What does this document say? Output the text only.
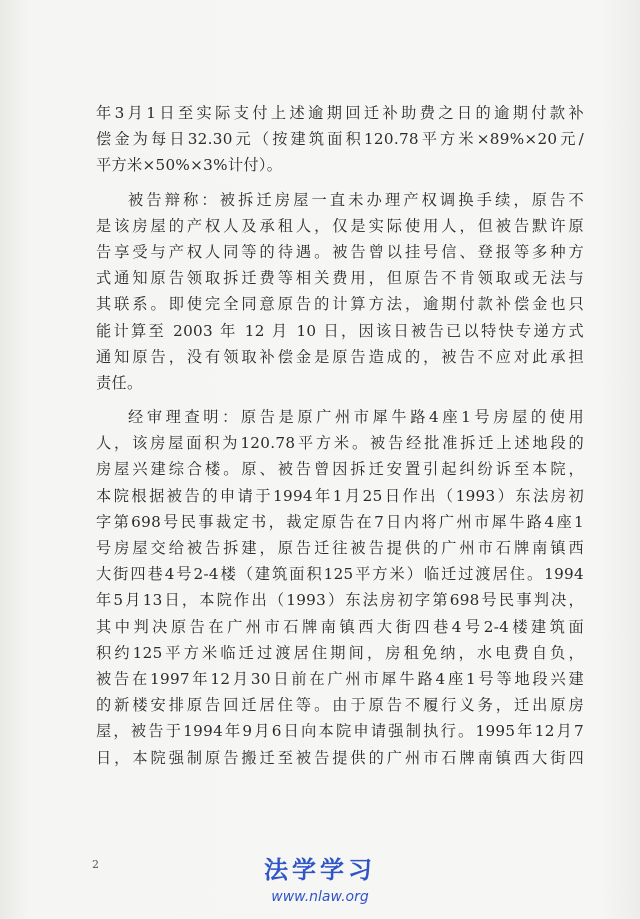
年3月1日至实际支付上述逾期回迁补助费之日的逾期付款补
偿金为每日32.30元（按建筑面积120.78平方米×89%×20元/
平方米×50%×3%计付）。
被告辩称：被拆迁房屋一直未办理产权调换手续，原告不
是该房屋的产权人及承租人，仅是实际使用人，但被告默许原
告享受与产权人同等的待遇。被告曾以挂号信、登报等多种方
式通知原告领取拆迁费等相关费用，但原告不肯领取或无法与
其联系。即使完全同意原告的计算方法，逾期付款补偿金也只
能计算至 2003 年 12 月 10 日，因该日被告已以特快专递方式
通知原告，没有领取补偿金是原告造成的，被告不应对此承担
责任。
经审理查明：原告是原广州市犀牛路4座1号房屋的使用
人，该房屋面积为120.78平方米。被告经批准拆迁上述地段的
房屋兴建综合楼。原、被告曾因拆迁安置引起纠纷诉至本院，
本院根据被告的申请于1994年1月25日作出（1993）东法房初
字第698号民事裁定书，裁定原告在7日内将广州市犀牛路4座1
号房屋交给被告拆建，原告迁往被告提供的广州市石牌南镇西
大街四巷4号2-4楼（建筑面积125平方米）临迁过渡居住。1994
年5月13日，本院作出（1993）东法房初字第698号民事判决，
其中判决原告在广州市石牌南镇西大街四巷4号2-4楼建筑面
积约125平方米临迁过渡居住期间，房租免纳，水电费自负，
被告在1997年12月30日前在广州市犀牛路4座1号等地段兴建
的新楼安排原告回迁居住等。由于原告不履行义务，迁出原房
屋，被告于1994年9月6日向本院申请强制执行。1995年12月7
日，本院强制原告搬迁至被告提供的广州市石牌南镇西大街四
2	法学学习
www.nlaw.org
